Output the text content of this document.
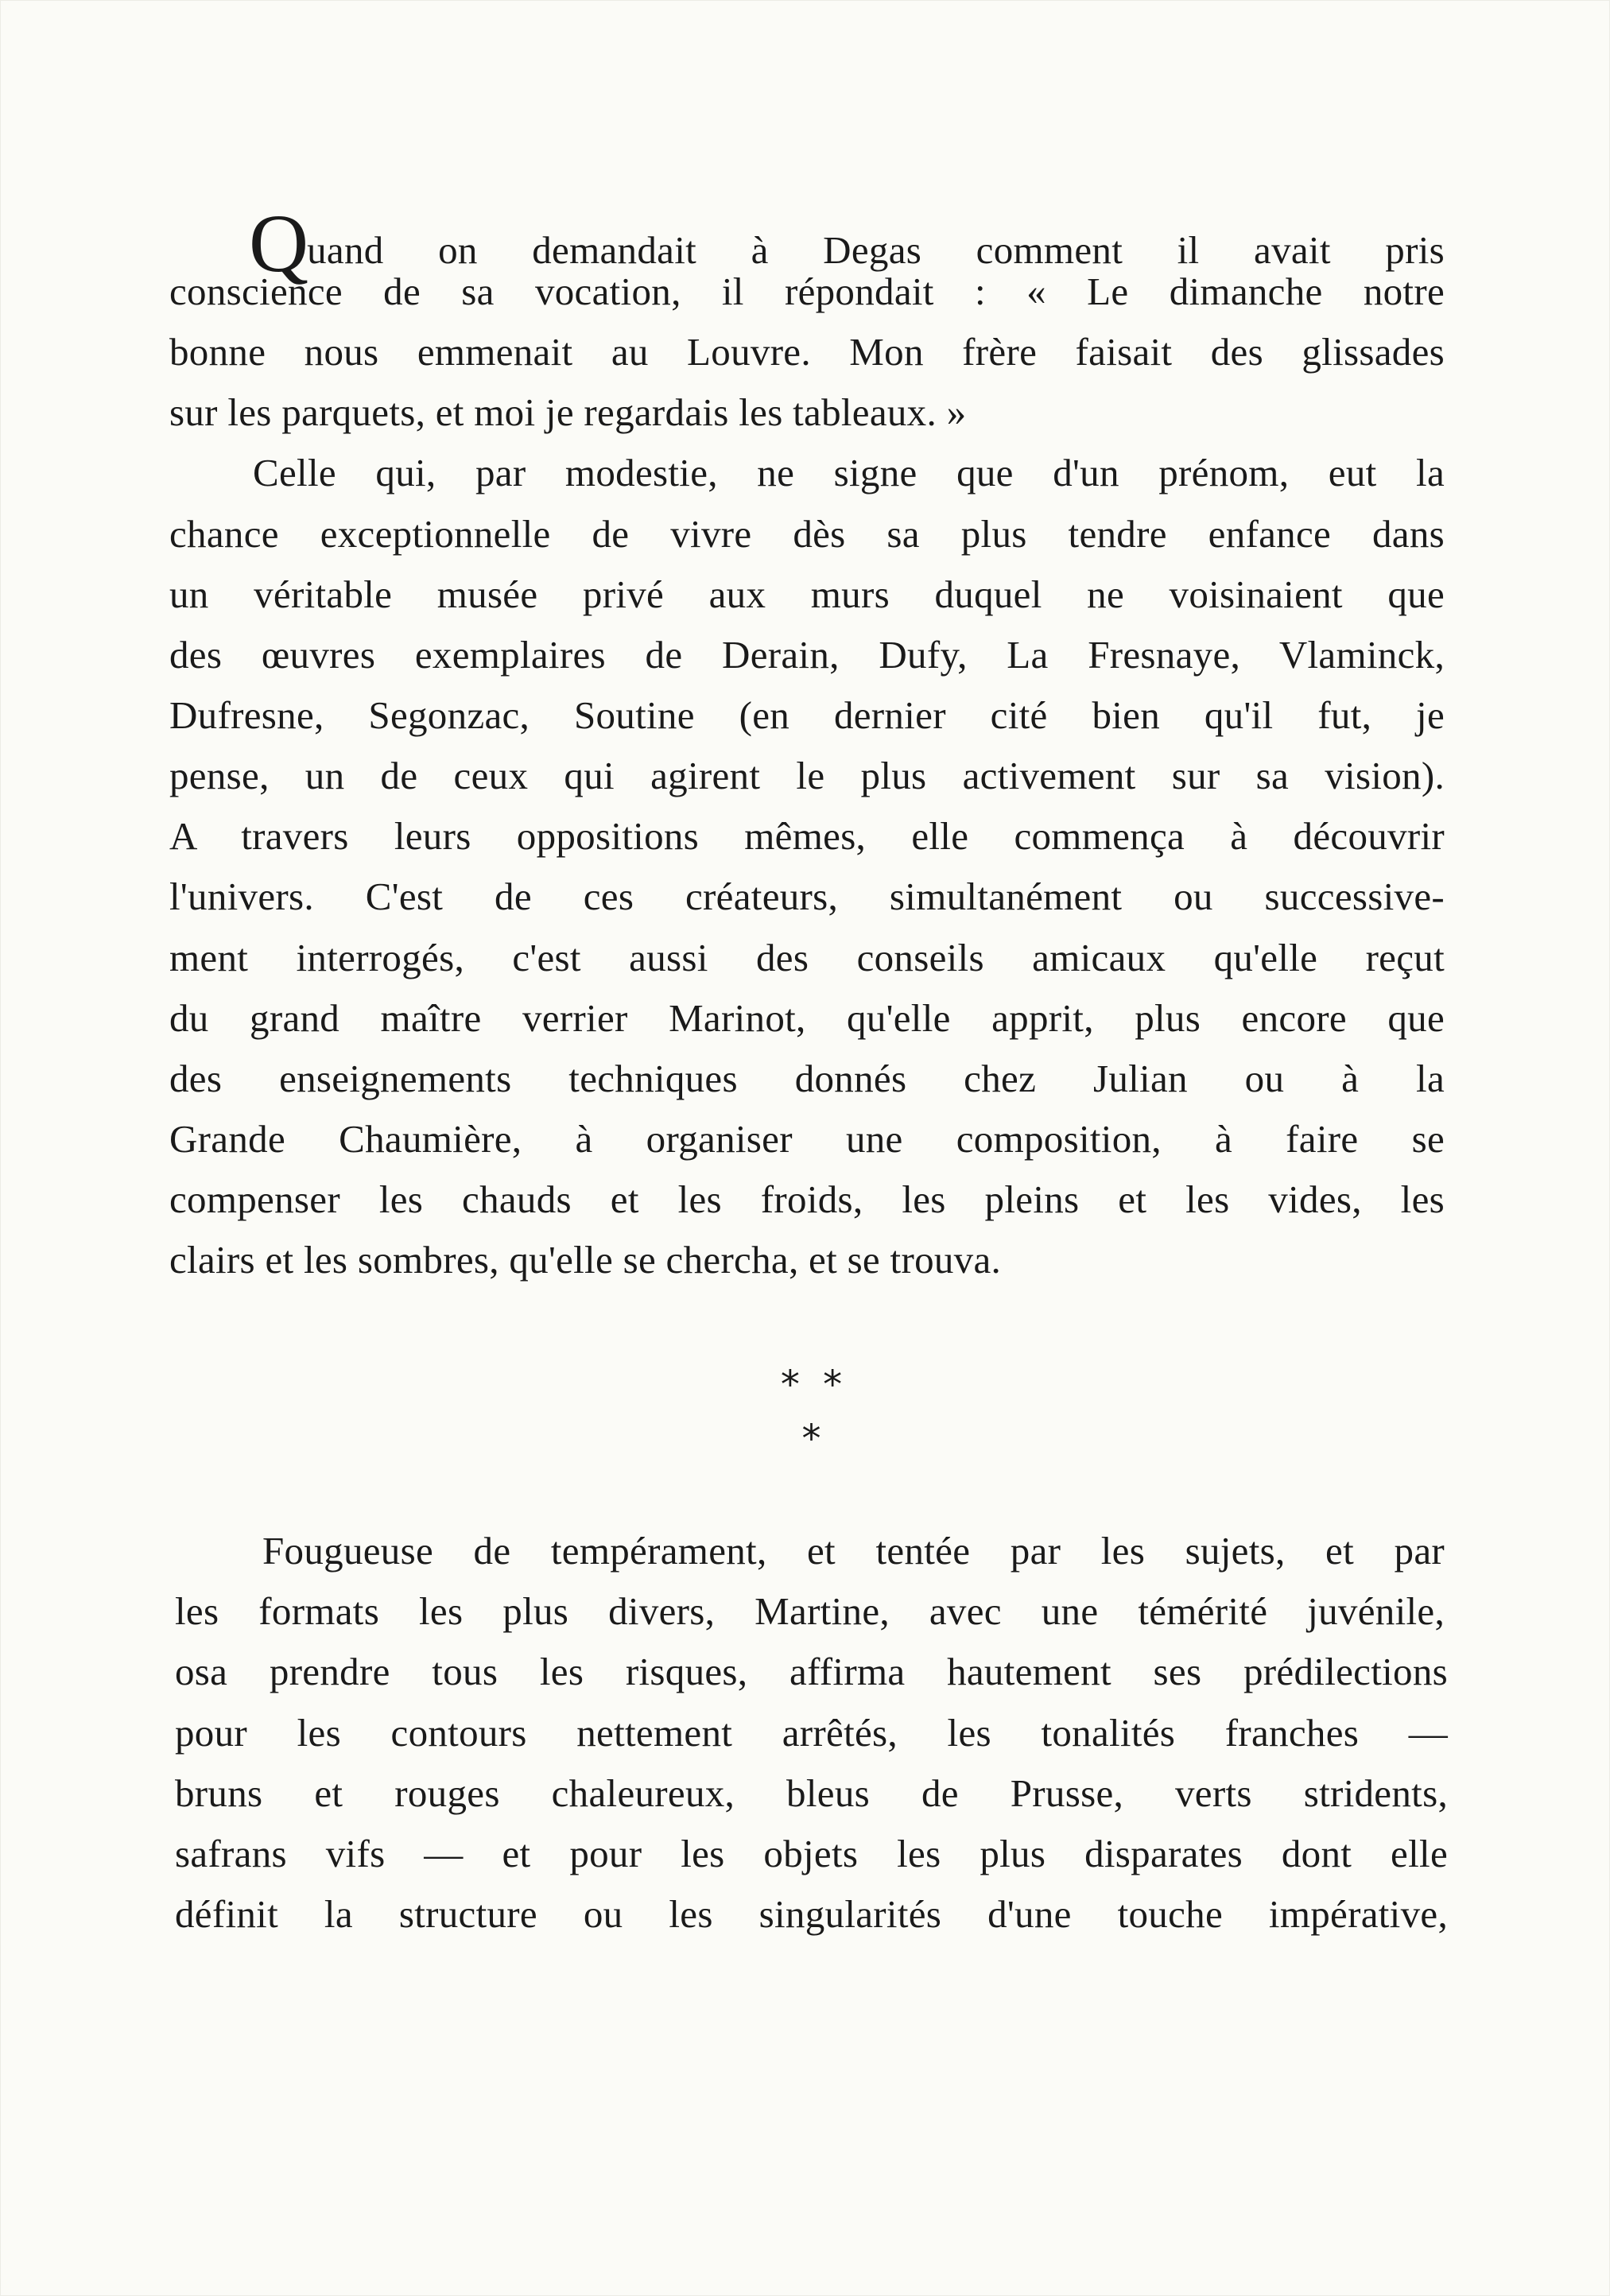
Quand on demandait à Degas comment il avait pris

conscience de sa vocation, il répondait : « Le dimanche notre

bonne nous emmenait au Louvre. Mon frère faisait des glissades

sur les parquets, et moi je regardais les tableaux. »

Celle qui, par modestie, ne signe que d'un prénom, eut la

chance exceptionnelle de vivre dès sa plus tendre enfance dans

un véritable musée privé aux murs duquel ne voisinaient que

des œuvres exemplaires de Derain, Dufy, La Fresnaye, Vlaminck,

Dufresne, Segonzac, Soutine (en dernier cité bien qu'il fut, je

pense, un de ceux qui agirent le plus activement sur sa vision).

A travers leurs oppositions mêmes, elle commença à découvrir

l'univers. C'est de ces créateurs, simultanément ou successive-

ment interrogés, c'est aussi des conseils amicaux qu'elle reçut

du grand maître verrier Marinot, qu'elle apprit, plus encore que

des enseignements techniques donnés chez Julian ou à la

Grande Chaumière, à organiser une composition, à faire se

compenser les chauds et les froids, les pleins et les vides, les

clairs et les sombres, qu'elle se chercha, et se trouva.

* *
*

Fougueuse de tempérament, et tentée par les sujets, et par

les formats les plus divers, Martine, avec une témérité juvénile,

osa prendre tous les risques, affirma hautement ses prédilections

pour les contours nettement arrêtés, les tonalités franches —

bruns et rouges chaleureux, bleus de Prusse, verts stridents,

safrans vifs — et pour les objets les plus disparates dont elle

définit la structure ou les singularités d'une touche impérative,
